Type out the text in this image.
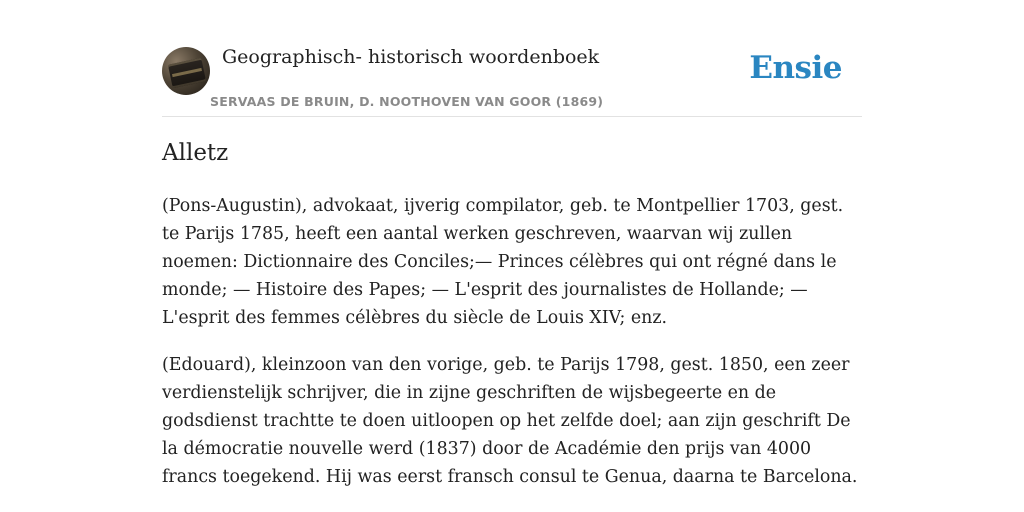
Geographisch- historisch woordenboek
SERVAAS DE BRUIN, D. NOOTHOVEN VAN GOOR (1869)
Ensie
Alletz

(Pons-Augustin), advokaat, ijverig compilator, geb. te Montpellier 1703, gest. te Parijs 1785, heeft een aantal werken geschreven, waarvan wij zullen noemen: Dictionnaire des Conciles;— Princes célèbres qui ont régné dans le monde; — Histoire des Papes; — L'esprit des journalistes de Hollande; — L'esprit des femmes célèbres du siècle de Louis XIV; enz.

(Edouard), kleinzoon van den vorige, geb. te Parijs 1798, gest. 1850, een zeer verdienstelijk schrijver, die in zijne geschriften de wijsbegeerte en de godsdienst trachtte te doen uitloopen op het zelfde doel; aan zijn geschrift De la démocratie nouvelle werd (1837) door de Académie den prijs van 4000 francs toegekend. Hij was eerst fransch consul te Genua, daarna te Barcelona.
